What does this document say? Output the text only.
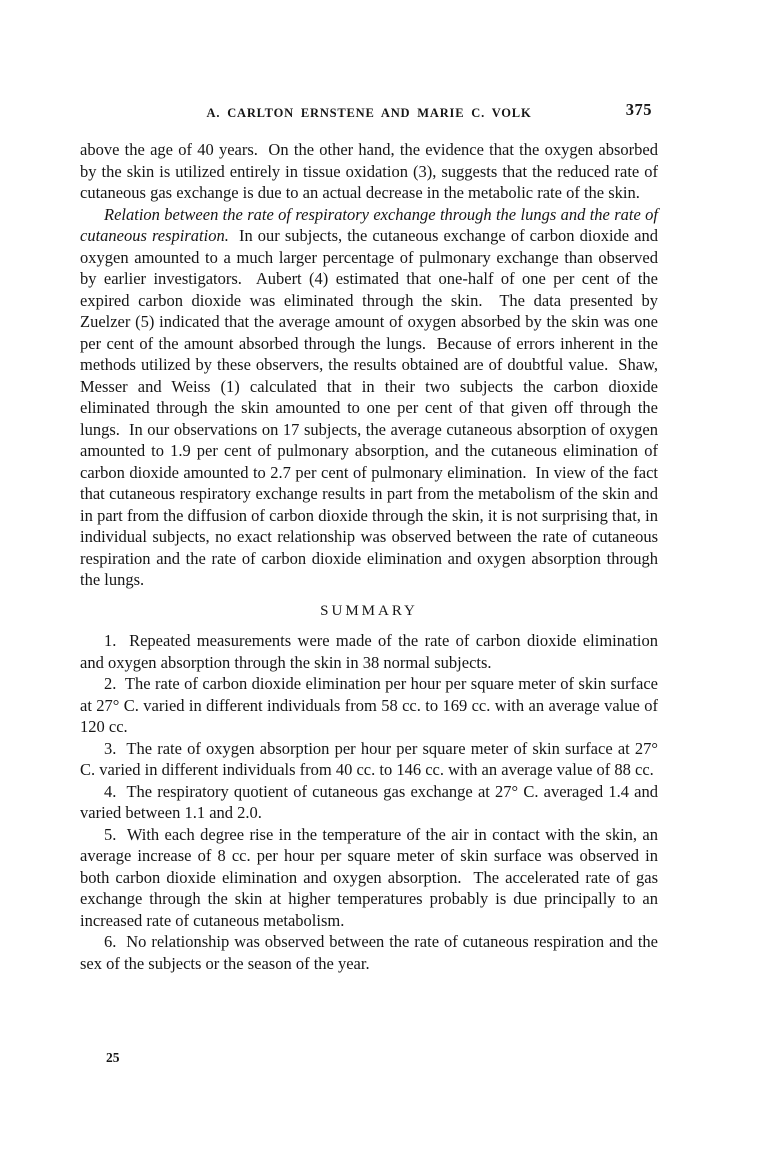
A. CARLTON ERNSTENE AND MARIE C. VOLK	375

above the age of 40 years.  On the other hand, the evidence that the oxygen absorbed by the skin is utilized entirely in tissue oxidation (3), suggests that the reduced rate of cutaneous gas exchange is due to an actual decrease in the metabolic rate of the skin.

Relation between the rate of respiratory exchange through the lungs and the rate of cutaneous respiration.  In our subjects, the cutaneous exchange of carbon dioxide and oxygen amounted to a much larger percentage of pulmonary exchange than observed by earlier investigators.  Aubert (4) estimated that one-half of one per cent of the expired carbon dioxide was eliminated through the skin.  The data presented by Zuelzer (5) indicated that the average amount of oxygen absorbed by the skin was one per cent of the amount absorbed through the lungs.  Because of errors inherent in the methods utilized by these observers, the results obtained are of doubtful value.  Shaw, Messer and Weiss (1) calculated that in their two subjects the carbon dioxide eliminated through the skin amounted to one per cent of that given off through the lungs.  In our observations on 17 subjects, the average cutaneous absorption of oxygen amounted to 1.9 per cent of pulmonary absorption, and the cutaneous elimination of carbon dioxide amounted to 2.7 per cent of pulmonary elimination.  In view of the fact that cutaneous respiratory exchange results in part from the metabolism of the skin and in part from the diffusion of carbon dioxide through the skin, it is not surprising that, in individual subjects, no exact relationship was observed between the rate of cutaneous respiration and the rate of carbon dioxide elimination and oxygen absorption through the lungs.

SUMMARY

1.  Repeated measurements were made of the rate of carbon dioxide elimination and oxygen absorption through the skin in 38 normal subjects.

2.  The rate of carbon dioxide elimination per hour per square meter of skin surface at 27° C. varied in different individuals from 58 cc. to 169 cc. with an average value of 120 cc.

3.  The rate of oxygen absorption per hour per square meter of skin surface at 27° C. varied in different individuals from 40 cc. to 146 cc. with an average value of 88 cc.

4.  The respiratory quotient of cutaneous gas exchange at 27° C. averaged 1.4 and varied between 1.1 and 2.0.

5.  With each degree rise in the temperature of the air in contact with the skin, an average increase of 8 cc. per hour per square meter of skin surface was observed in both carbon dioxide elimination and oxygen absorption.  The accelerated rate of gas exchange through the skin at higher temperatures probably is due principally to an increased rate of cutaneous metabolism.

6.  No relationship was observed between the rate of cutaneous respiration and the sex of the subjects or the season of the year.

25
